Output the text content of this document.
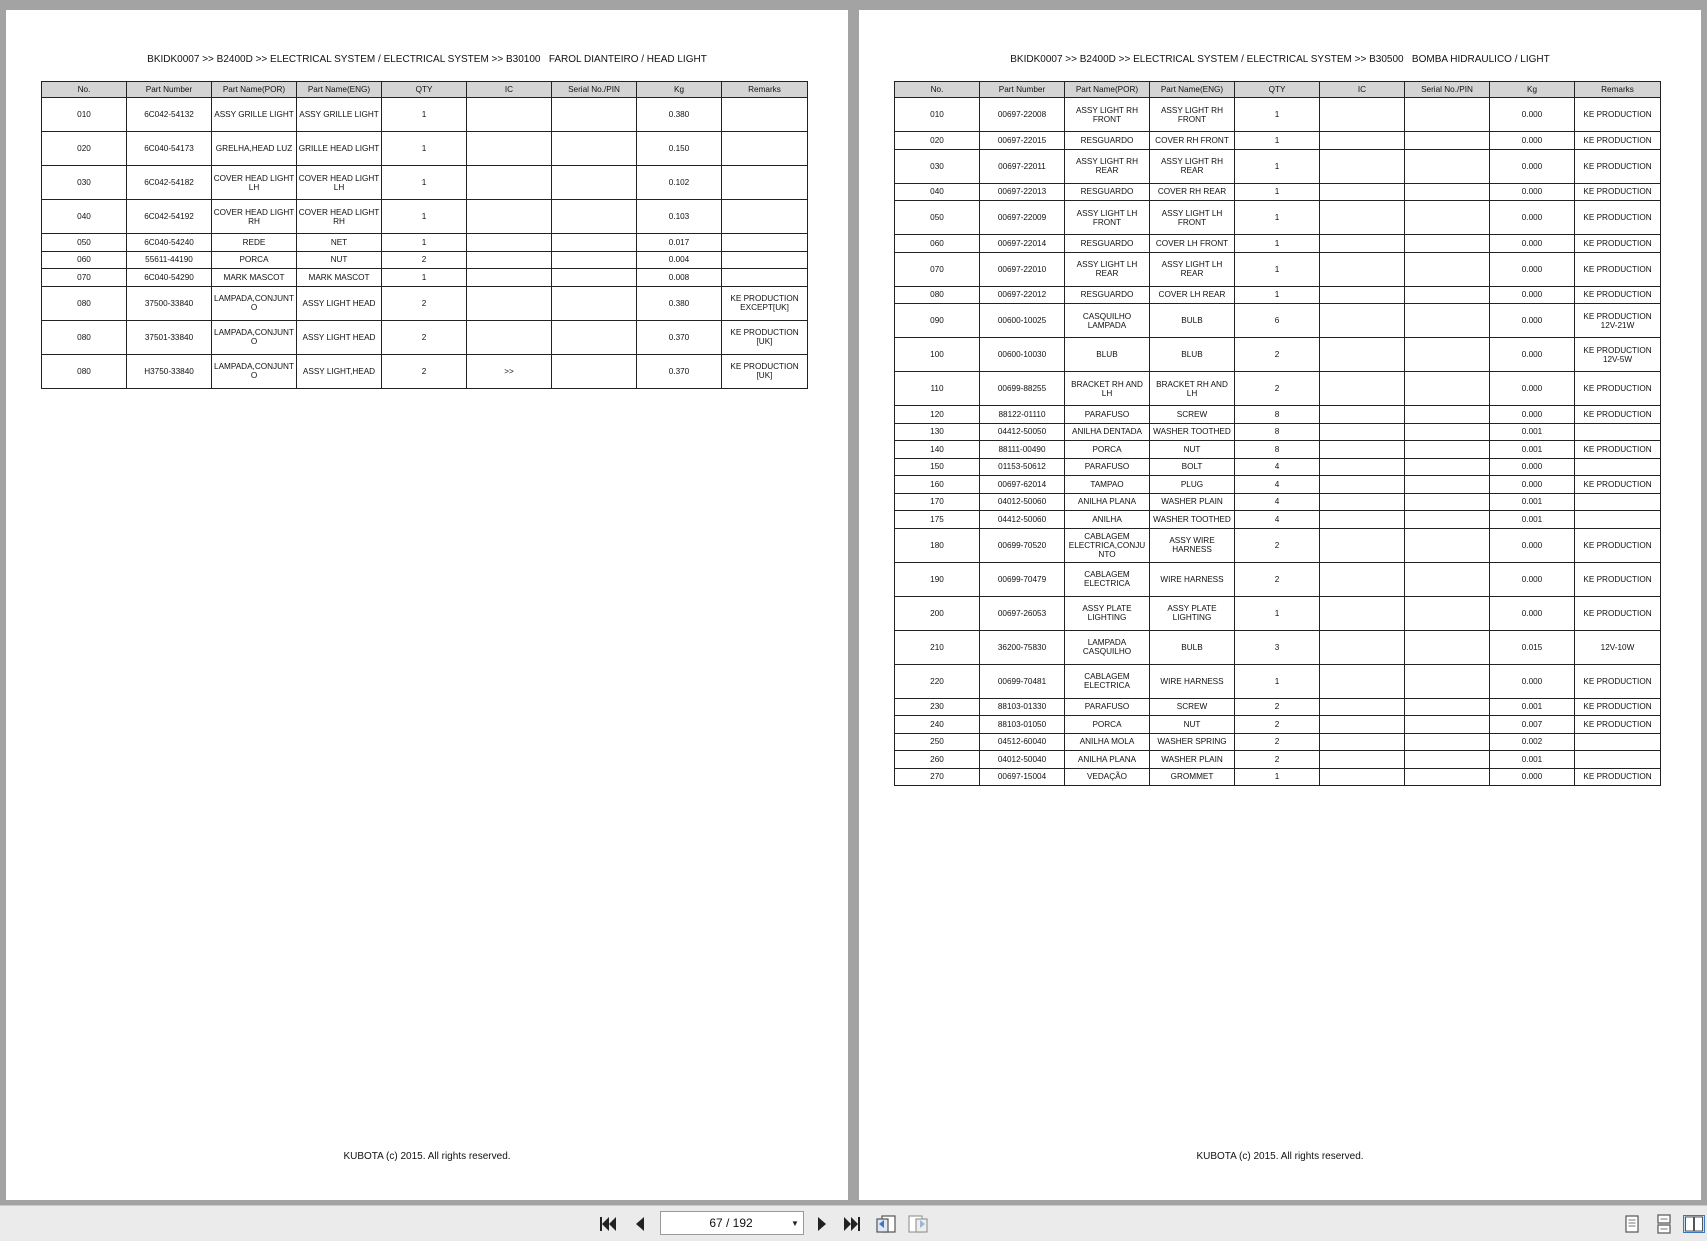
BKIDK0007 >> B2400D >> ELECTRICAL SYSTEM / ELECTRICAL SYSTEM >> B30100   FAROL DIANTEIRO / HEAD LIGHT
No.	Part Number	Part Name(POR)	Part Name(ENG)	QTY	IC	Serial No./PIN	Kg	Remarks
010	6C042-54132	ASSY GRILLE LIGHT	ASSY GRILLE LIGHT	1			0.380	
020	6C040-54173	GRELHA,HEAD LUZ	GRILLE HEAD LIGHT	1			0.150	
030	6C042-54182	COVER HEAD LIGHT LH	COVER HEAD LIGHT LH	1			0.102	
040	6C042-54192	COVER HEAD LIGHT RH	COVER HEAD LIGHT RH	1			0.103	
050	6C040-54240	REDE	NET	1			0.017	
060	55611-44190	PORCA	NUT	2			0.004	
070	6C040-54290	MARK MASCOT	MARK MASCOT	1			0.008	
080	37500-33840	LAMPADA,CONJUNTO	ASSY LIGHT HEAD	2			0.380	KE PRODUCTION EXCEPT[UK]
080	37501-33840	LAMPADA,CONJUNTO	ASSY LIGHT HEAD	2			0.370	KE PRODUCTION [UK]
080	H3750-33840	LAMPADA,CONJUNTO	ASSY LIGHT,HEAD	2	>>		0.370	KE PRODUCTION [UK]
KUBOTA (c) 2015. All rights reserved.
BKIDK0007 >> B2400D >> ELECTRICAL SYSTEM / ELECTRICAL SYSTEM >> B30500   BOMBA HIDRAULICO / LIGHT
No.	Part Number	Part Name(POR)	Part Name(ENG)	QTY	IC	Serial No./PIN	Kg	Remarks
010	00697-22008	ASSY LIGHT RH FRONT	ASSY LIGHT RH FRONT	1			0.000	KE PRODUCTION
020	00697-22015	RESGUARDO	COVER RH FRONT	1			0.000	KE PRODUCTION
030	00697-22011	ASSY LIGHT RH REAR	ASSY LIGHT RH REAR	1			0.000	KE PRODUCTION
040	00697-22013	RESGUARDO	COVER RH REAR	1			0.000	KE PRODUCTION
050	00697-22009	ASSY LIGHT LH FRONT	ASSY LIGHT LH FRONT	1			0.000	KE PRODUCTION
060	00697-22014	RESGUARDO	COVER LH FRONT	1			0.000	KE PRODUCTION
070	00697-22010	ASSY LIGHT LH REAR	ASSY LIGHT LH REAR	1			0.000	KE PRODUCTION
080	00697-22012	RESGUARDO	COVER LH REAR	1			0.000	KE PRODUCTION
090	00600-10025	CASQUILHO LAMPADA	BULB	6			0.000	KE PRODUCTION 12V-21W
100	00600-10030	BLUB	BLUB	2			0.000	KE PRODUCTION 12V-5W
110	00699-88255	BRACKET RH AND LH	BRACKET RH AND LH	2			0.000	KE PRODUCTION
120	88122-01110	PARAFUSO	SCREW	8			0.000	KE PRODUCTION
130	04412-50050	ANILHA DENTADA	WASHER TOOTHED	8			0.001	
140	88111-00490	PORCA	NUT	8			0.001	KE PRODUCTION
150	01153-50612	PARAFUSO	BOLT	4			0.000	
160	00697-62014	TAMPAO	PLUG	4			0.000	KE PRODUCTION
170	04012-50060	ANILHA PLANA	WASHER PLAIN	4			0.001	
175	04412-50060	ANILHA	WASHER TOOTHED	4			0.001	
180	00699-70520	CABLAGEM ELECTRICA,CONJUNTO	ASSY WIRE HARNESS	2			0.000	KE PRODUCTION
190	00699-70479	CABLAGEM ELECTRICA	WIRE HARNESS	2			0.000	KE PRODUCTION
200	00697-26053	ASSY PLATE LIGHTING	ASSY PLATE LIGHTING	1			0.000	KE PRODUCTION
210	36200-75830	LAMPADA CASQUILHO	BULB	3			0.015	12V-10W
220	00699-70481	CABLAGEM ELECTRICA	WIRE HARNESS	1			0.000	KE PRODUCTION
230	88103-01330	PARAFUSO	SCREW	2			0.001	KE PRODUCTION
240	88103-01050	PORCA	NUT	2			0.007	KE PRODUCTION
250	04512-60040	ANILHA MOLA	WASHER SPRING	2			0.002	
260	04012-50040	ANILHA PLANA	WASHER PLAIN	2			0.001	
270	00697-15004	VEDAÇÃO	GROMMET	1			0.000	KE PRODUCTION
KUBOTA (c) 2015. All rights reserved.
67 / 192	▼
